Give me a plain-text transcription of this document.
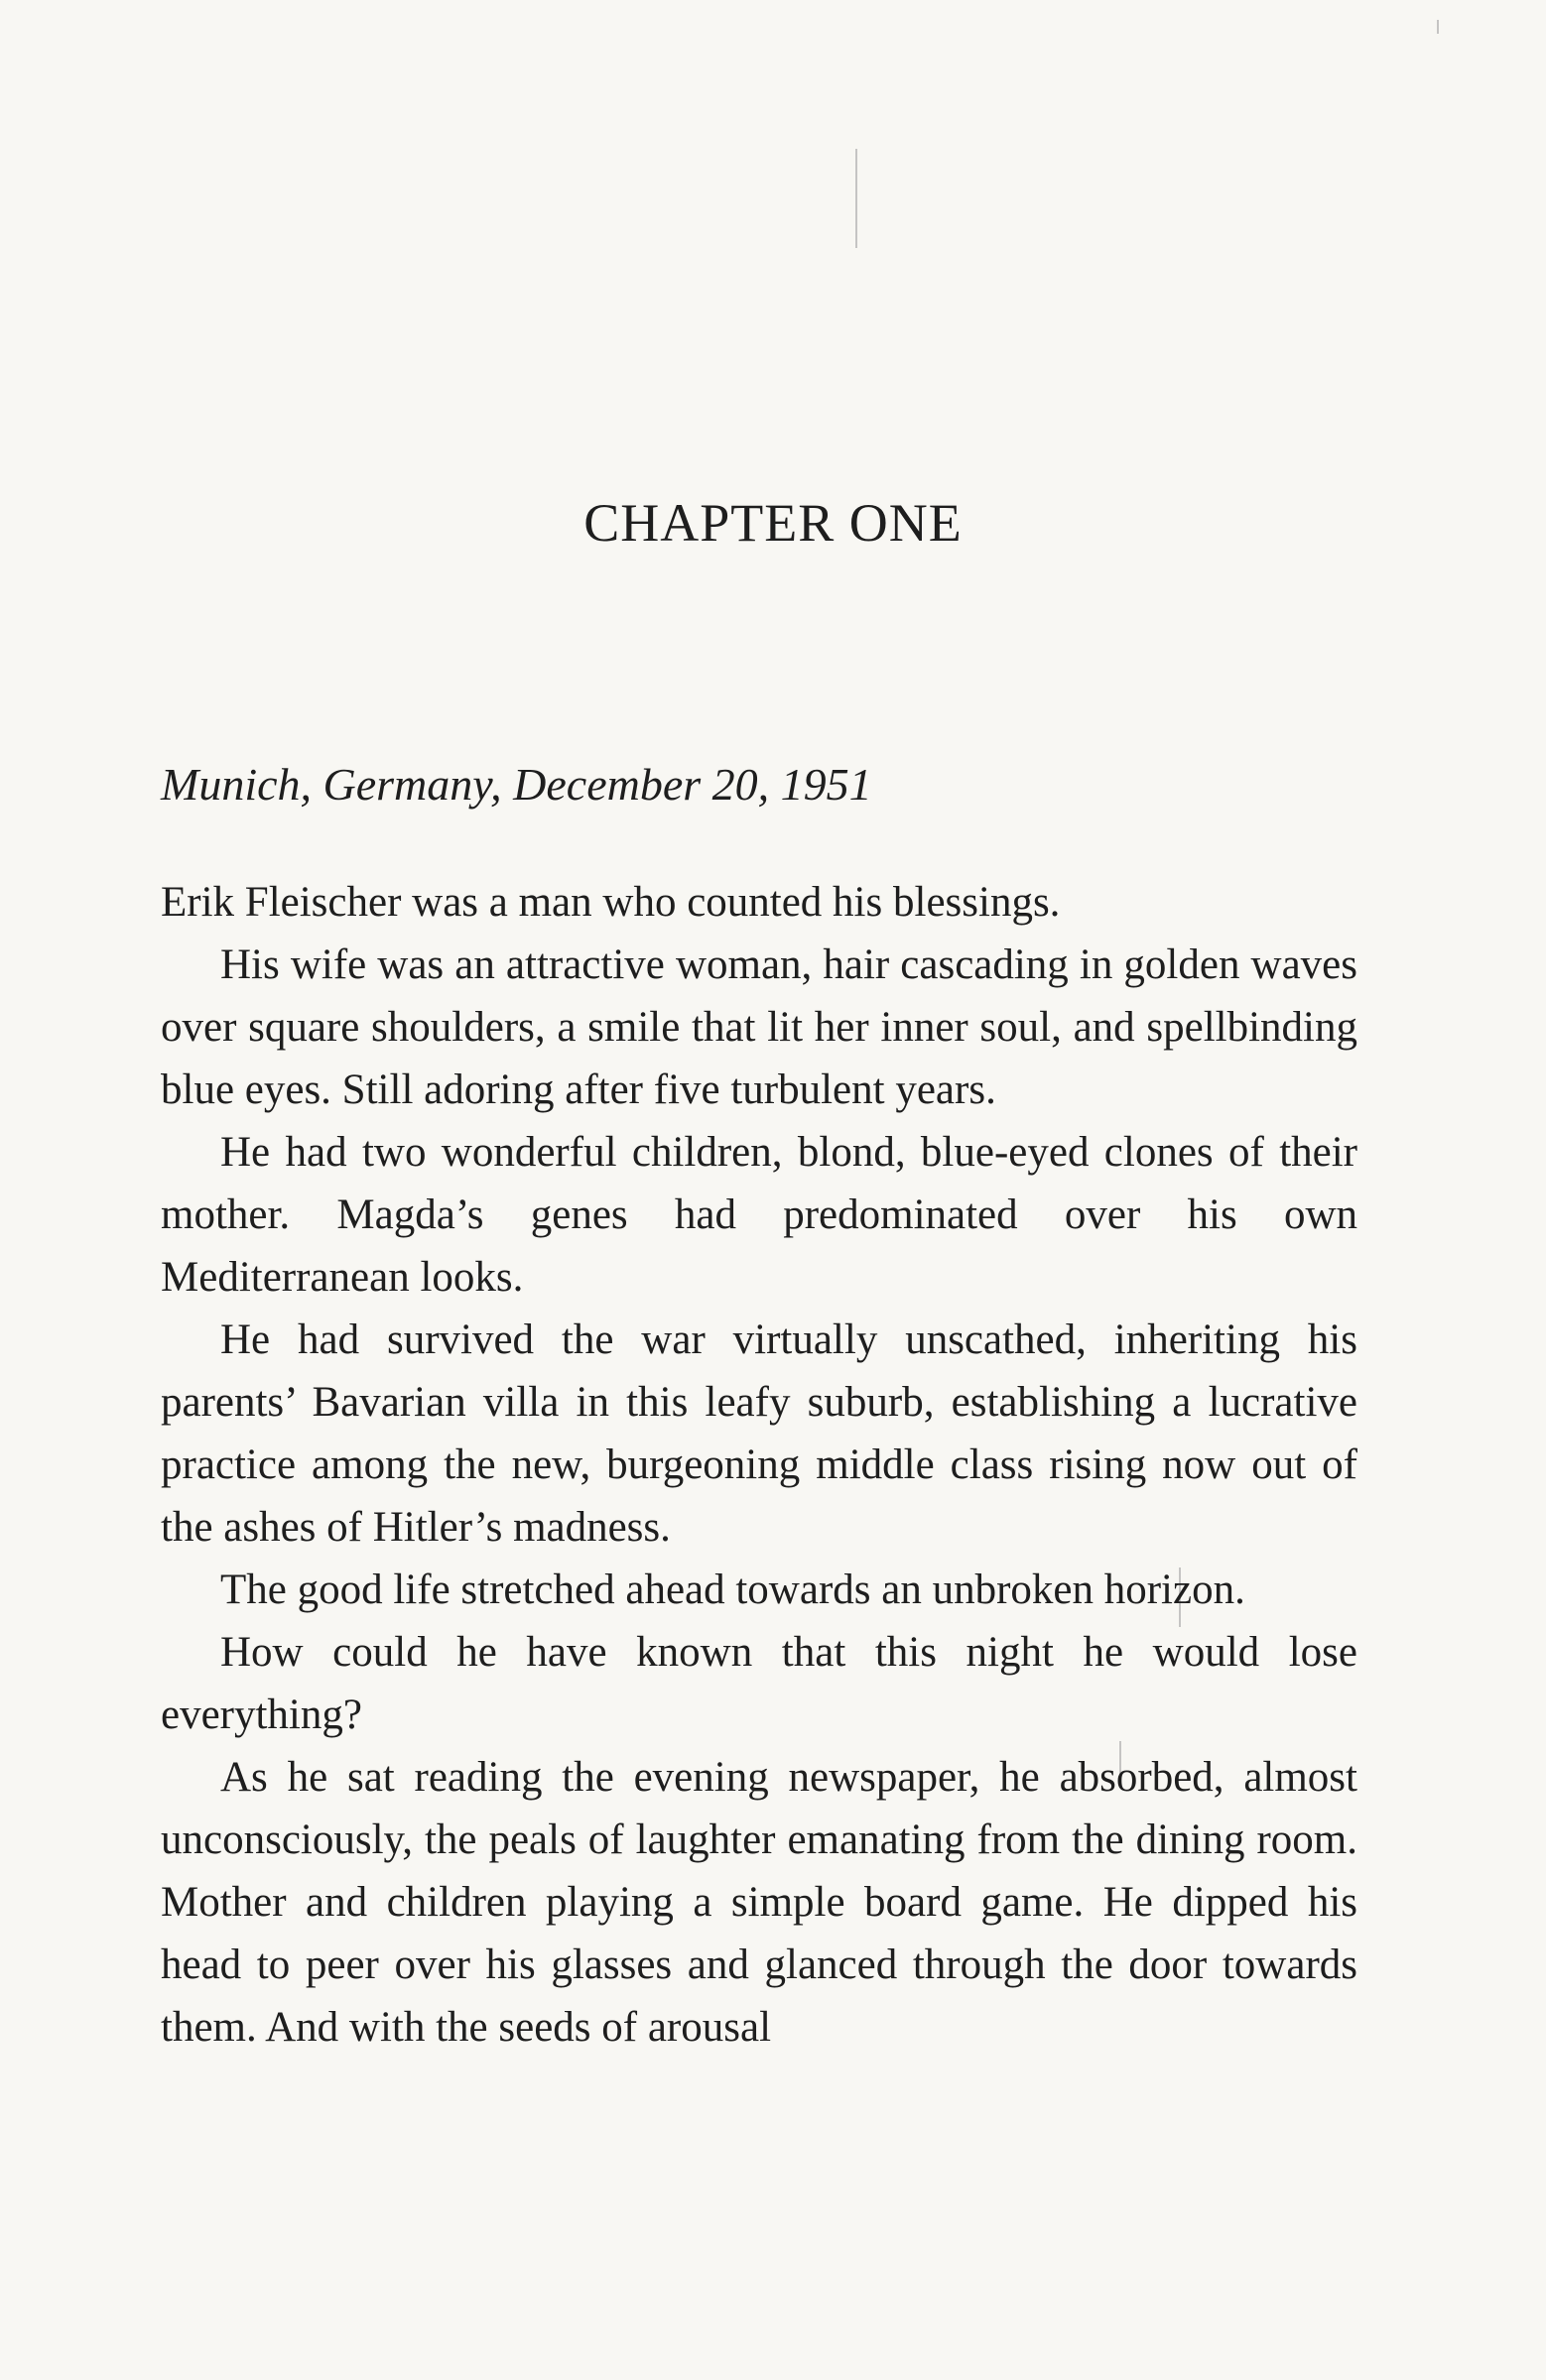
CHAPTER ONE

Munich, Germany, December 20, 1951

Erik Fleischer was a man who counted his blessings.

His wife was an attractive woman, hair cascading in golden waves over square shoulders, a smile that lit her inner soul, and spellbinding blue eyes. Still adoring after five turbulent years.

He had two wonderful children, blond, blue-eyed clones of their mother. Magda’s genes had predominated over his own Mediterranean looks.

He had survived the war virtually unscathed, inheriting his parents’ Bavarian villa in this leafy suburb, establishing a lucrative practice among the new, burgeoning middle class rising now out of the ashes of Hitler’s madness.

The good life stretched ahead towards an unbroken horizon.

How could he have known that this night he would lose everything?

As he sat reading the evening newspaper, he absorbed, almost unconsciously, the peals of laughter emanating from the dining room. Mother and children playing a simple board game. He dipped his head to peer over his glasses and glanced through the door towards them. And with the seeds of arousal
